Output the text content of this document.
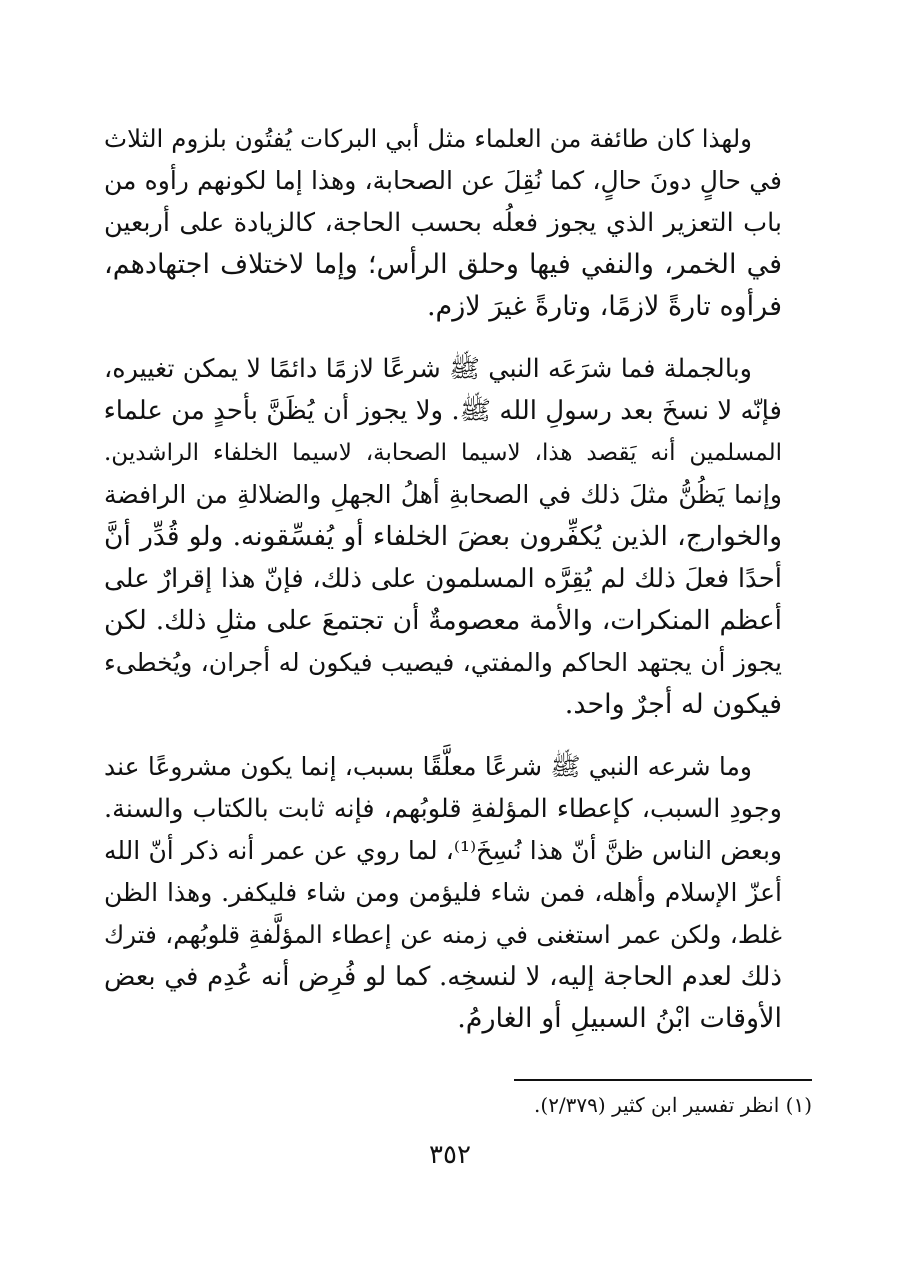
ولهذا كان طائفة من العلماء مثل أبي البركات يُفتُون بلزوم الثلاث
في حالٍ دونَ حالٍ، كما نُقِلَ عن الصحابة، وهذا إما لكونهم رأوه من
باب التعزير الذي يجوز فعلُه بحسب الحاجة، كالزيادة على أربعين
في الخمر، والنفي فيها وحلق الرأس؛ وإما لاختلاف اجتهادهم،
فرأوه تارةً لازمًا، وتارةً غيرَ لازم.

وبالجملة فما شرَعَه النبي ﷺ شرعًا لازمًا دائمًا لا يمكن تغييره،
فإنّه لا نسخَ بعد رسولِ الله ﷺ. ولا يجوز أن يُظَنَّ بأحدٍ من علماء
المسلمين أنه يَقصد هذا، لاسيما الصحابة، لاسيما الخلفاء الراشدين.
وإنما يَظُنُّ مثلَ ذلك في الصحابةِ أهلُ الجهلِ والضلالةِ من الرافضة
والخوارج، الذين يُكفِّرون بعضَ الخلفاء أو يُفسِّقونه. ولو قُدِّر أنَّ
أحدًا فعلَ ذلك لم يُقِرَّه المسلمون على ذلك، فإنّ هذا إقرارٌ على
أعظم المنكرات، والأمة معصومةٌ أن تجتمعَ على مثلِ ذلك. لكن
يجوز أن يجتهد الحاكم والمفتي، فيصيب فيكون له أجران، ويُخطىء
فيكون له أجرٌ واحد.

وما شرعه النبي ﷺ شرعًا معلَّقًا بسبب، إنما يكون مشروعًا عند
وجودِ السبب، كإعطاء المؤلفةِ قلوبُهم، فإنه ثابت بالكتاب والسنة.
وبعض الناس ظنَّ أنّ هذا نُسِخَ⁽¹⁾، لما روي عن عمر أنه ذكر أنّ الله
أعزّ الإسلام وأهله، فمن شاء فليؤمن ومن شاء فليكفر. وهذا الظن
غلط، ولكن عمر استغنى في زمنه عن إعطاء المؤلَّفةِ قلوبُهم، فترك
ذلك لعدم الحاجة إليه، لا لنسخِه. كما لو فُرِض أنه عُدِم في بعض
الأوقات ابْنُ السبيلِ أو الغارمُ.

(١) انظر تفسير ابن كثير (٢/٣٧٩).
٣٥٢
